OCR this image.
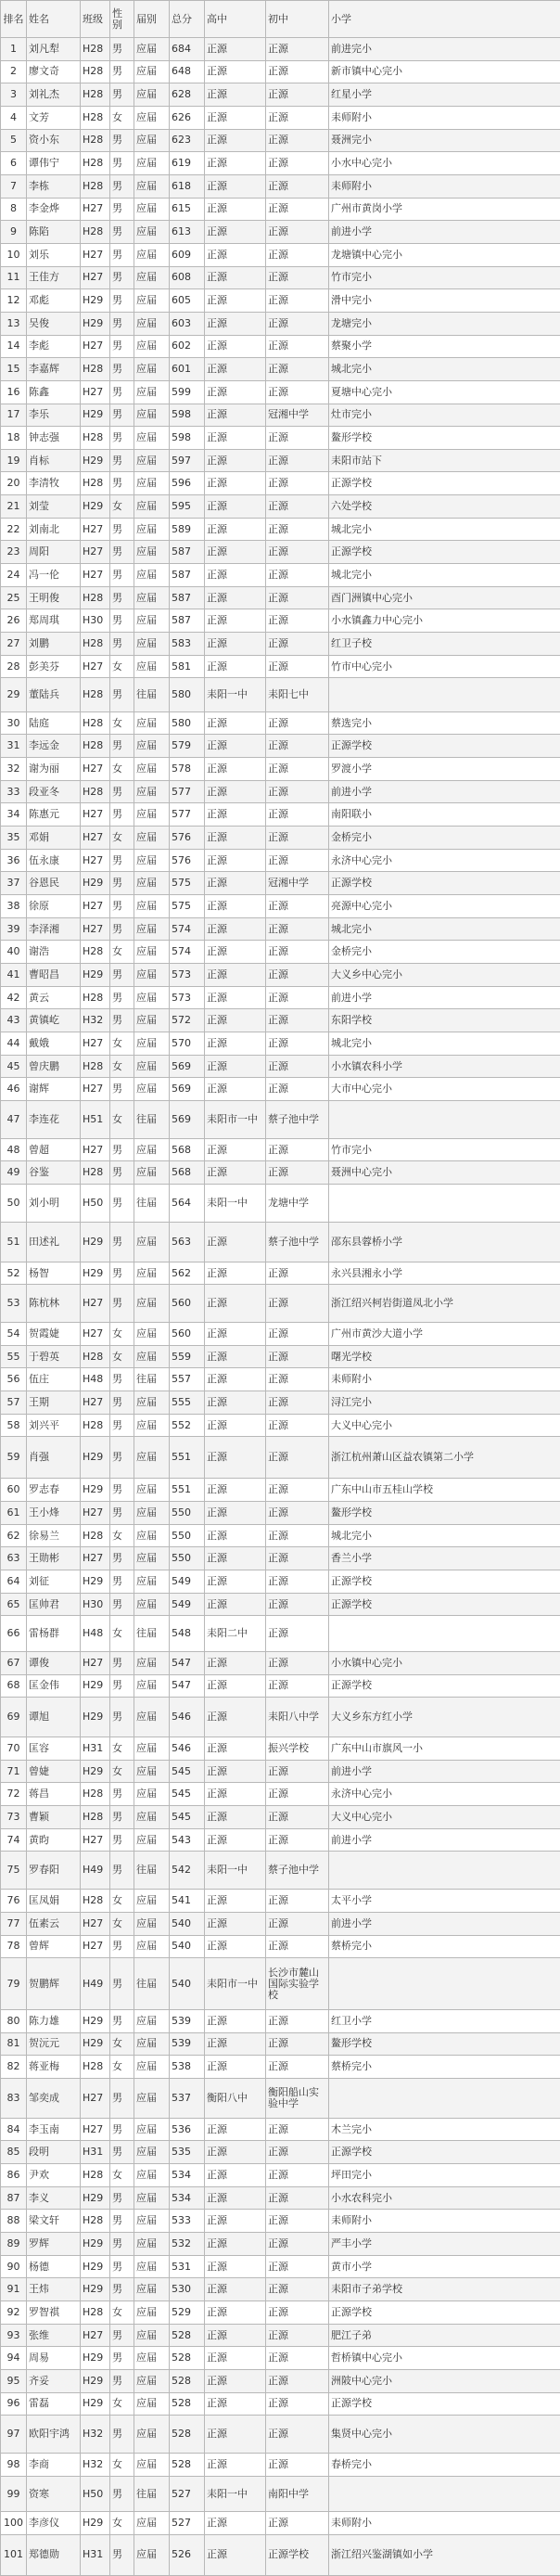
排名	姓名	班级	性别	届别	总分	高中	初中	小学
1	刘凡犁	H28	男	应届	684	正源	正源	前进完小
2	廖文奇	H28	男	应届	648	正源	正源	新市镇中心完小
3	刘礼杰	H28	男	应届	628	正源	正源	红星小学
4	文芳	H28	女	应届	626	正源	正源	耒师附小
5	资小东	H28	男	应届	623	正源	正源	聂洲完小
6	谭伟宁	H28	男	应届	619	正源	正源	小水中心完小
7	李栋	H28	男	应届	618	正源	正源	耒师附小
8	李金烨	H27	男	应届	615	正源	正源	广州市黄岗小学
9	陈陷	H28	男	应届	613	正源	正源	前进小学
10	刘乐	H27	男	应届	609	正源	正源	龙塘镇中心完小
11	王佳方	H27	男	应届	608	正源	正源	竹市完小
12	邓彪	H29	男	应届	605	正源	正源	滑中完小
13	吴俊	H29	男	应届	603	正源	正源	龙塘完小
14	李彪	H27	男	应届	602	正源	正源	蔡聚小学
15	李嘉辉	H28	男	应届	601	正源	正源	城北完小
16	陈鑫	H27	男	应届	599	正源	正源	夏塘中心完小
17	李乐	H29	男	应届	598	正源	冠湘中学	灶市完小
18	钟志强	H28	男	应届	598	正源	正源	鳌形学校
19	肖标	H29	男	应届	597	正源	正源	耒阳市站下
20	李清牧	H28	男	应届	596	正源	正源	正源学校
21	刘莹	H29	女	应届	595	正源	正源	六处学校
22	刘南北	H27	男	应届	589	正源	正源	城北完小
23	周阳	H27	男	应届	587	正源	正源	正源学校
24	冯一伦	H27	男	应届	587	正源	正源	城北完小
25	王明俊	H28	男	应届	587	正源	正源	酉门洲镇中心完小
26	郑周琪	H30	男	应届	587	正源	正源	小水镇鑫力中心完小
27	刘鹏	H28	男	应届	583	正源	正源	红卫子校
28	彭美芬	H27	女	应届	581	正源	正源	竹市中心完小
29	董陆兵	H28	男	往届	580	耒阳一中	耒阳七中	
30	陆庭	H28	女	应届	580	正源	正源	蔡选完小
31	李远金	H28	男	应届	579	正源	正源	正源学校
32	谢为丽	H27	女	应届	578	正源	正源	罗渡小学
33	段亚冬	H28	男	应届	577	正源	正源	前进小学
34	陈惠元	H27	男	应届	577	正源	正源	南阳联小
35	邓娟	H27	女	应届	576	正源	正源	金桥完小
36	伍永康	H27	男	应届	576	正源	正源	永济中心完小
37	谷恩民	H29	男	应届	575	正源	冠湘中学	正源学校
38	徐原	H27	男	应届	575	正源	正源	亮源中心完小
39	李泽湘	H27	男	应届	574	正源	正源	城北完小
40	谢浩	H28	女	应届	574	正源	正源	金桥完小
41	曹昭昌	H29	男	应届	573	正源	正源	大义乡中心完小
42	黄云	H28	男	应届	573	正源	正源	前进小学
43	黄镇屹	H32	男	应届	572	正源	正源	东阳学校
44	戴娥	H27	女	应届	570	正源	正源	城北完小
45	曾庆鹏	H28	女	应届	569	正源	正源	小水镇农科小学
46	谢辉	H27	男	应届	569	正源	正源	大市中心完小
47	李连花	H51	女	往届	569	耒阳市一中	蔡子池中学	
48	曾超	H27	男	应届	568	正源	正源	竹市完小
49	谷鉴	H28	男	应届	568	正源	正源	聂洲中心完小
50	刘小明	H50	男	往届	564	耒阳一中	龙塘中学	
51	田述礼	H29	男	应届	563	正源	蔡子池中学	邵东县蓉桥小学
52	杨智	H29	男	应届	562	正源	正源	永兴县湘永小学
53	陈杭林	H27	男	应届	560	正源	正源	浙江绍兴柯岩街道凤北小学
54	贺霞婕	H27	女	应届	560	正源	正源	广州市黄沙大道小学
55	于碧英	H28	女	应届	559	正源	正源	曙光学校
56	伍庄	H48	男	往届	557	正源	正源	耒师附小
57	王期	H27	男	应届	555	正源	正源	浔江完小
58	刘兴平	H28	男	应届	552	正源	正源	大义中心完小
59	肖强	H29	男	应届	551	正源	正源	浙江杭州萧山区益农镇第二小学
60	罗志春	H29	男	应届	551	正源	正源	广东中山市五桂山学校
61	王小烽	H27	男	应届	550	正源	正源	鳌形学校
62	徐易兰	H28	女	应届	550	正源	正源	城北完小
63	王勋彬	H27	男	应届	550	正源	正源	香兰小学
64	刘征	H29	男	应届	549	正源	正源	正源学校
65	匡帅君	H30	男	应届	549	正源	正源	正源学校
66	雷杨群	H48	女	往届	548	耒阳二中	正源	
67	谭俊	H27	男	应届	547	正源	正源	小水镇中心完小
68	匡金伟	H29	男	应届	547	正源	正源	正源学校
69	谭旭	H29	男	应届	546	正源	耒阳八中学	大义乡东方红小学
70	匡容	H31	女	应届	546	正源	振兴学校	广东中山市旗风一小
71	曾婕	H29	女	应届	545	正源	正源	前进小学
72	蒋昌	H28	男	应届	545	正源	正源	永济中心完小
73	曹颖	H28	男	应届	545	正源	正源	大义中心完小
74	黄昀	H27	男	应届	543	正源	正源	前进小学
75	罗春阳	H49	男	往届	542	耒阳一中	蔡子池中学	
76	匡凤娟	H28	女	应届	541	正源	正源	太平小学
77	伍素云	H27	女	应届	540	正源	正源	前进小学
78	曾辉	H27	男	应届	540	正源	正源	蔡桥完小
79	贺鹏辉	H49	男	往届	540	耒阳市一中	长沙市麓山国际实验学校	
80	陈力雄	H29	男	应届	539	正源	正源	红卫小学
81	贺沅元	H29	女	应届	539	正源	正源	鳌形学校
82	蒋亚梅	H28	女	应届	538	正源	正源	蔡桥完小
83	邹奕成	H27	男	应届	537	衡阳八中	衡阳船山实验中学	
84	李玉南	H27	男	应届	536	正源	正源	木兰完小
85	段明	H31	男	应届	535	正源	正源	正源学校
86	尹欢	H28	女	应届	534	正源	正源	坪田完小
87	李义	H29	男	应届	534	正源	正源	小水农科完小
88	梁文轩	H28	男	应届	533	正源	正源	耒师附小
89	罗辉	H29	男	应届	532	正源	正源	严丰小学
90	杨德	H29	男	应届	531	正源	正源	黄市小学
91	王炜	H29	男	应届	530	正源	正源	耒阳市子弟学校
92	罗智祺	H28	女	应届	529	正源	正源	正源学校
93	张维	H27	男	应届	528	正源	正源	肥江子弟
94	周易	H29	男	应届	528	正源	正源	哲桥镇中心完小
95	齐妥	H29	男	应届	528	正源	正源	洲陂中心完小
96	雷磊	H29	女	应届	528	正源	正源	正源学校
97	欧阳宇鸿	H32	男	应届	528	正源	正源	集贤中心完小
98	李商	H32	女	应届	528	正源	正源	春桥完小
99	资寒	H50	男	往届	527	耒阳一中	南阳中学	
100	李彦仪	H29	女	应届	527	正源	正源	耒师附小
101	郑德勋	H31	男	应届	526	正源	正源学校	浙江绍兴鉴湖镇如小学
